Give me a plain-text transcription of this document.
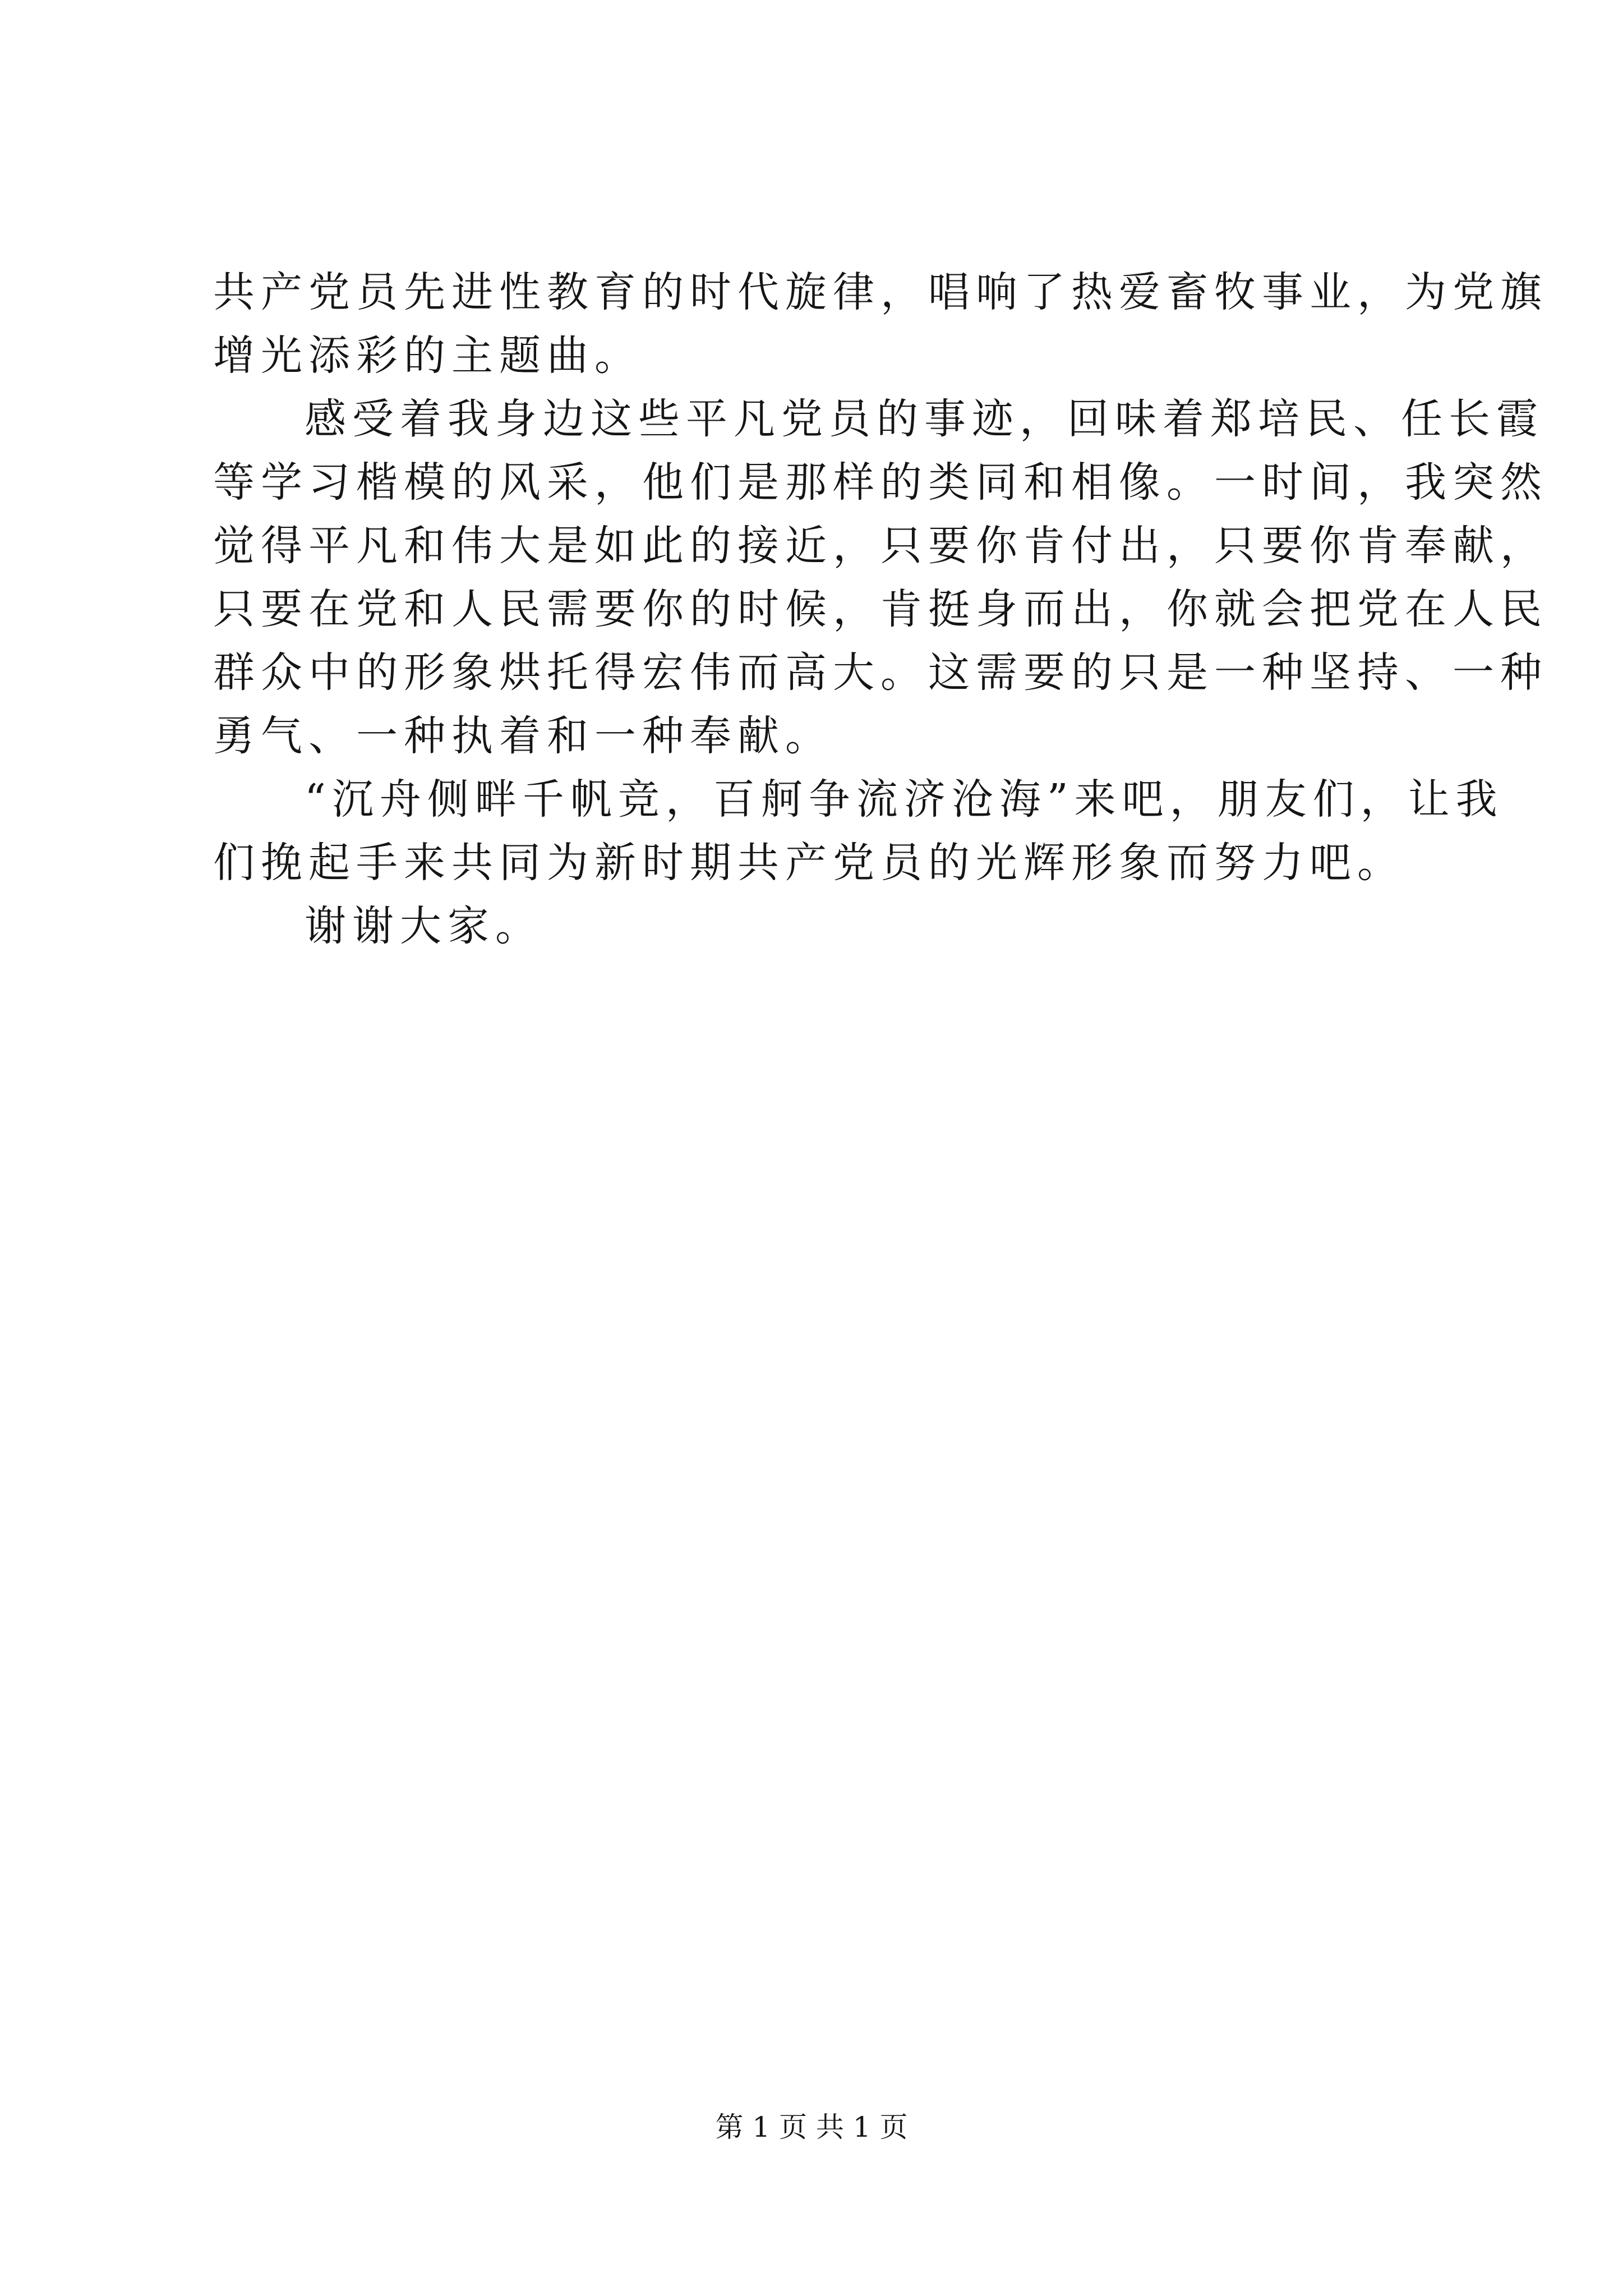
共产党员先进性教育的时代旋律，唱响了热爱畜牧事业，为党旗

增光添彩的主题曲。

感受着我身边这些平凡党员的事迹，回味着郑培民、任长霞

等学习楷模的风采，他们是那样的类同和相像。一时间，我突然

觉得平凡和伟大是如此的接近，只要你肯付出，只要你肯奉献，

只要在党和人民需要你的时候，肯挺身而出，你就会把党在人民

群众中的形象烘托得宏伟而高大。这需要的只是一种坚持、一种

勇气、一种执着和一种奉献。

“沉舟侧畔千帆竞，百舸争流济沧海”来吧，朋友们，让我

们挽起手来共同为新时期共产党员的光辉形象而努力吧。

谢谢大家。

第 1 页 共 1 页
